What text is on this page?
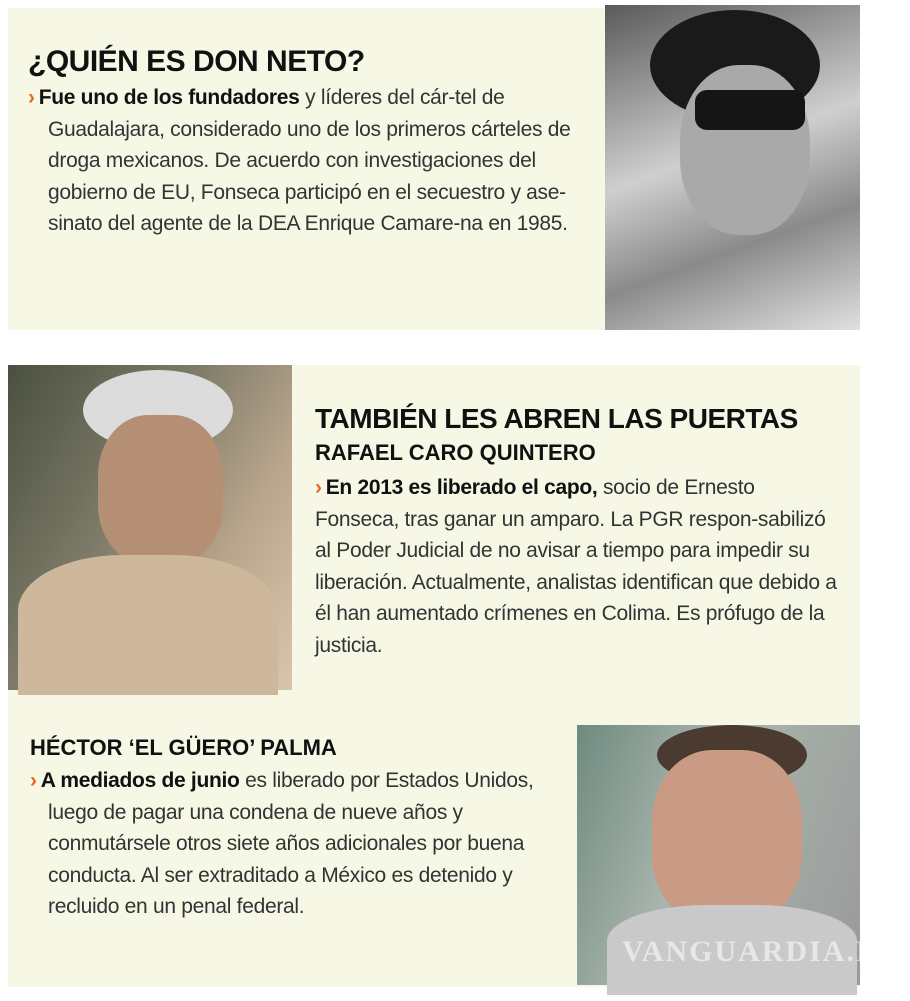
¿QUIÉN ES DON NETO?
› Fue uno de los fundadores y líderes del cár-tel de Guadalajara, considerado uno de los primeros cárteles de droga mexicanos. De acuerdo con investigaciones del gobierno de EU, Fonseca participó en el secuestro y ase-sinato del agente de la DEA Enrique Camare-na en 1985.
TAMBIÉN LES ABREN LAS PUERTAS
RAFAEL CARO QUINTERO
› En 2013 es liberado el capo, socio de Ernesto Fonseca, tras ganar un amparo. La PGR respon-sabilizó al Poder Judicial de no avisar a tiempo para impedir su liberación. Actualmente, analistas identifican que debido a él han aumentado crímenes en Colima. Es prófugo de la justicia.
HÉCTOR ‘EL GÜERO’ PALMA
› A mediados de junio es liberado por Estados Unidos, luego de pagar una condena de nueve años y conmutársele otros siete años adicionales por buena conducta. Al ser extraditado a México es detenido y recluido en un penal federal.
VANGUARDIA.MX
